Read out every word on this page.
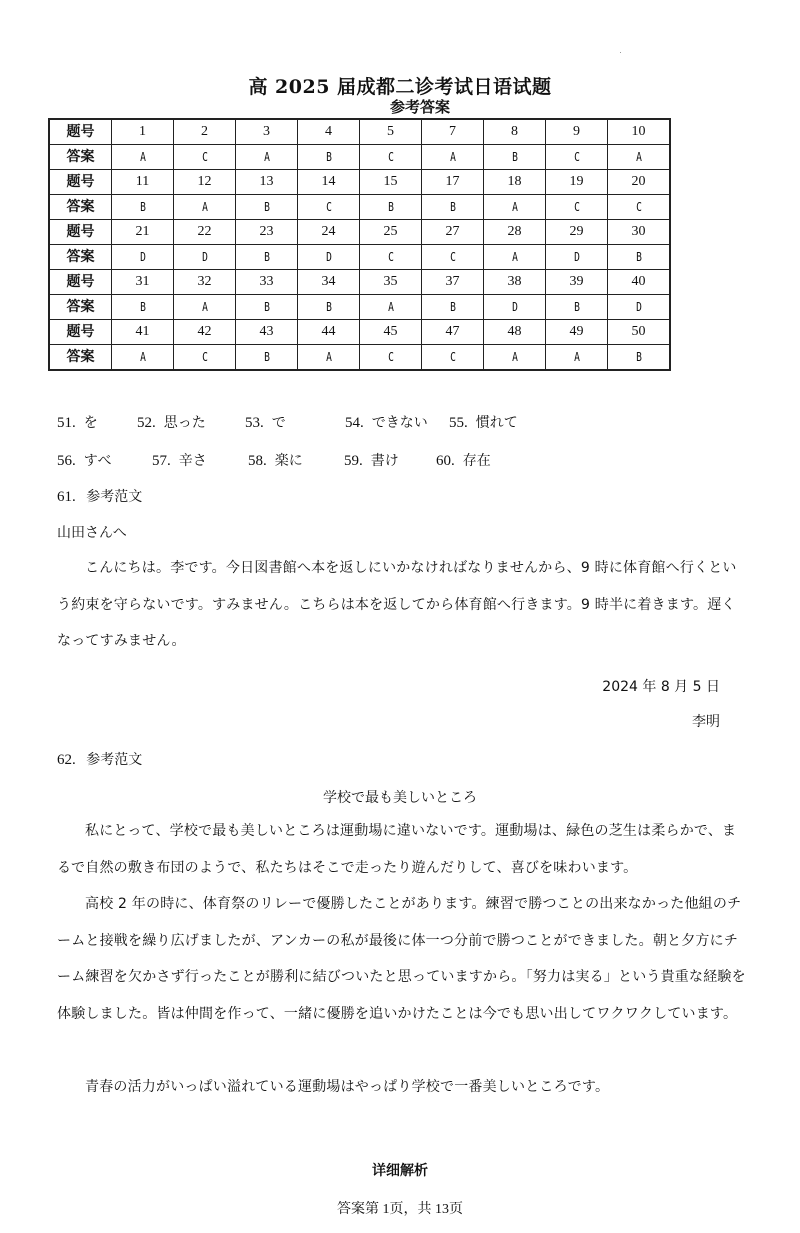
高 2025 届成都二诊考试日语试题
参考答案
题号	1	2	3	4	5	7	8	9	10
答案	A	C	A	B	C	A	B	C	A
题号	11	12	13	14	15	17	18	19	20
答案	B	A	B	C	B	B	A	C	C
题号	21	22	23	24	25	27	28	29	30
答案	D	D	B	D	C	C	A	D	B
题号	31	32	33	34	35	37	38	39	40
答案	B	A	B	B	A	B	D	B	D
题号	41	42	43	44	45	47	48	49	50
答案	A	C	B	A	C	C	A	A	B
51. を	52. 思った	53. で	54. できない 55. 慣れて
56. すべ	57. 辛さ	58. 楽に	59. 書け 60. 存在
61. 参考范文
山田さんへ
こんにちは。李です。今日図書館へ本を返しにいかなければなりませんから、9 時に体育館へ行くという約束を守らないです。すみません。こちらは本を返してから体育館へ行きます。9 時半に着きます。遅くなってすみません。
2024 年 8 月 5 日
李明
62. 参考范文
学校で最も美しいところ
私にとって、学校で最も美しいところは運動場に違いないです。運動場は、緑色の芝生は柔らかで、まるで自然の敷き布団のようで、私たちはそこで走ったり遊んだりして、喜びを味わいます。
高校 2 年の時に、体育祭のリレーで優勝したことがあります。練習で勝つことの出来なかった他組のチームと接戦を繰り広げましたが、アンカーの私が最後に体一つ分前で勝つことができました。朝と夕方にチーム練習を欠かさず行ったことが勝利に結びついたと思っていますから。「努力は実る」という貴重な経験を体験しました。皆は仲間を作って、一緒に優勝を追いかけたことは今でも思い出してワクワクしています。
青春の活力がいっぱい溢れている運動場はやっぱり学校で一番美しいところです。
详细解析
答案第 1页，共 13页
